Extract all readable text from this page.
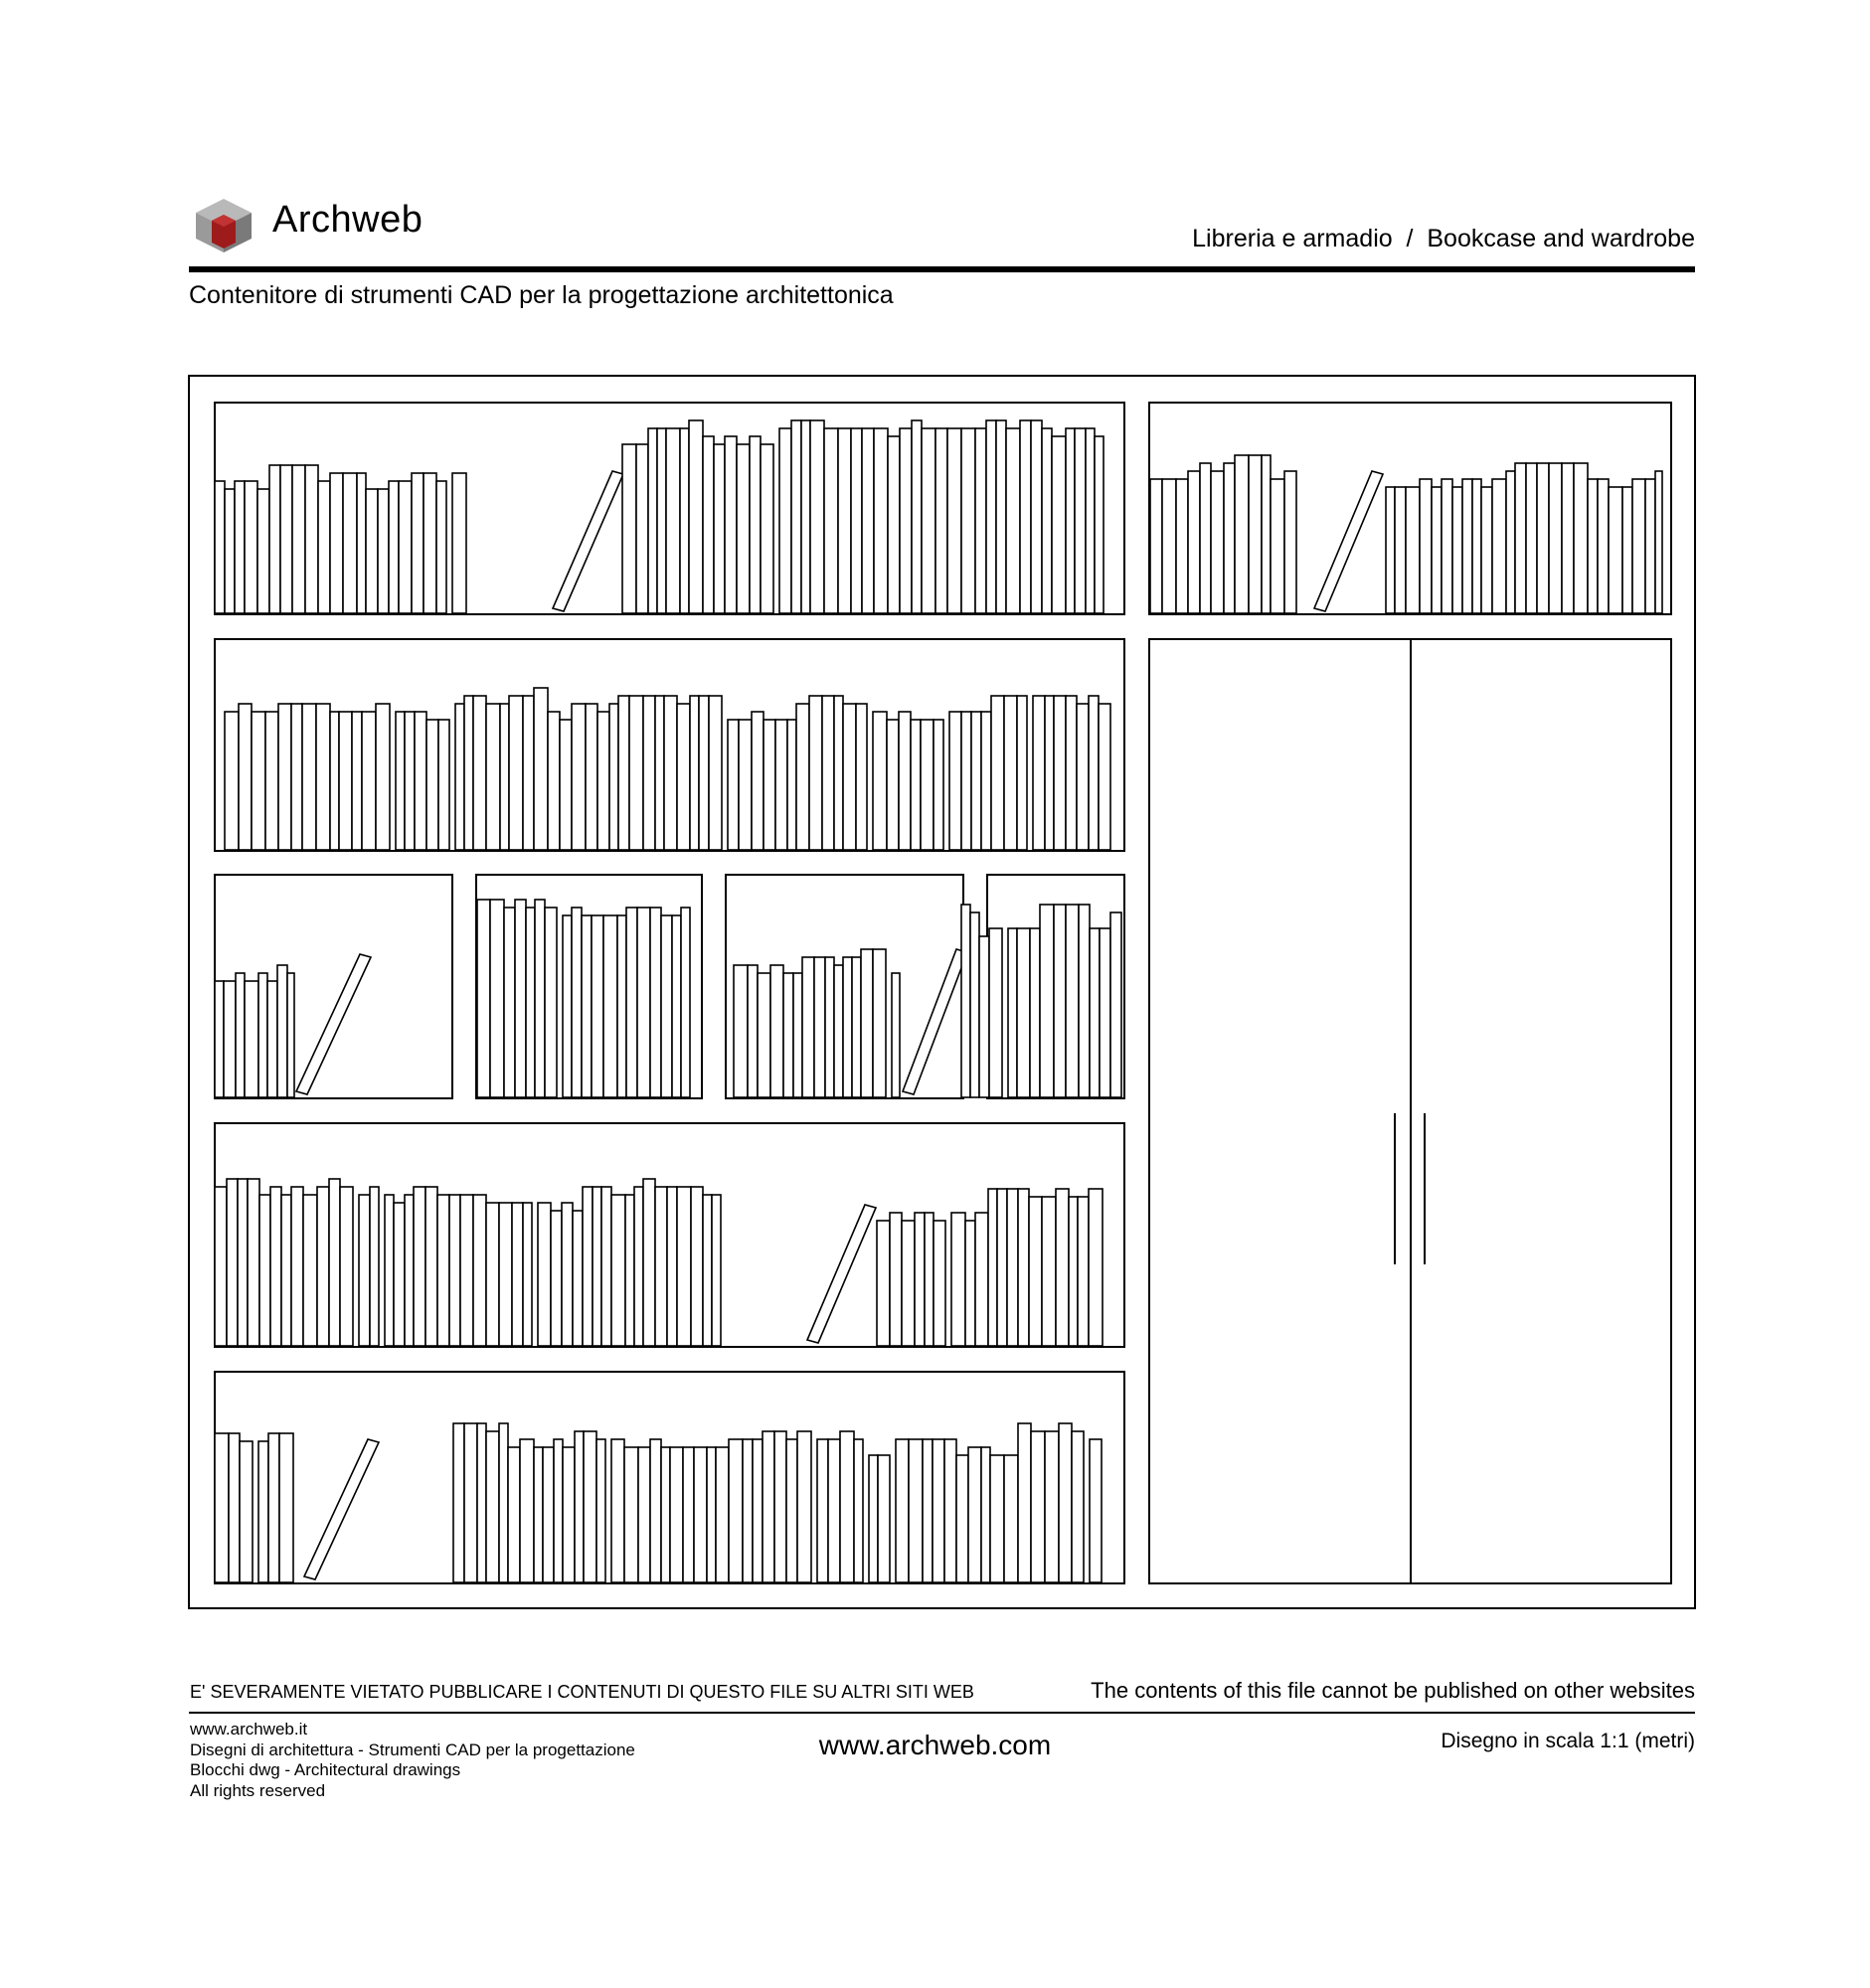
Archweb	Libreria e armadio  /  Bookcase and wardrobe
Contenitore di strumenti CAD per la progettazione architettonica
E' SEVERAMENTE VIETATO PUBBLICARE I CONTENUTI DI QUESTO FILE SU ALTRI SITI WEB	The contents of this file cannot be published on other websites
www.archweb.it
Disegni di architettura - Strumenti CAD per la progettazione
Blocchi dwg - Architectural drawings
All rights reserved
www.archweb.com	Disegno in scala 1:1 (metri)
